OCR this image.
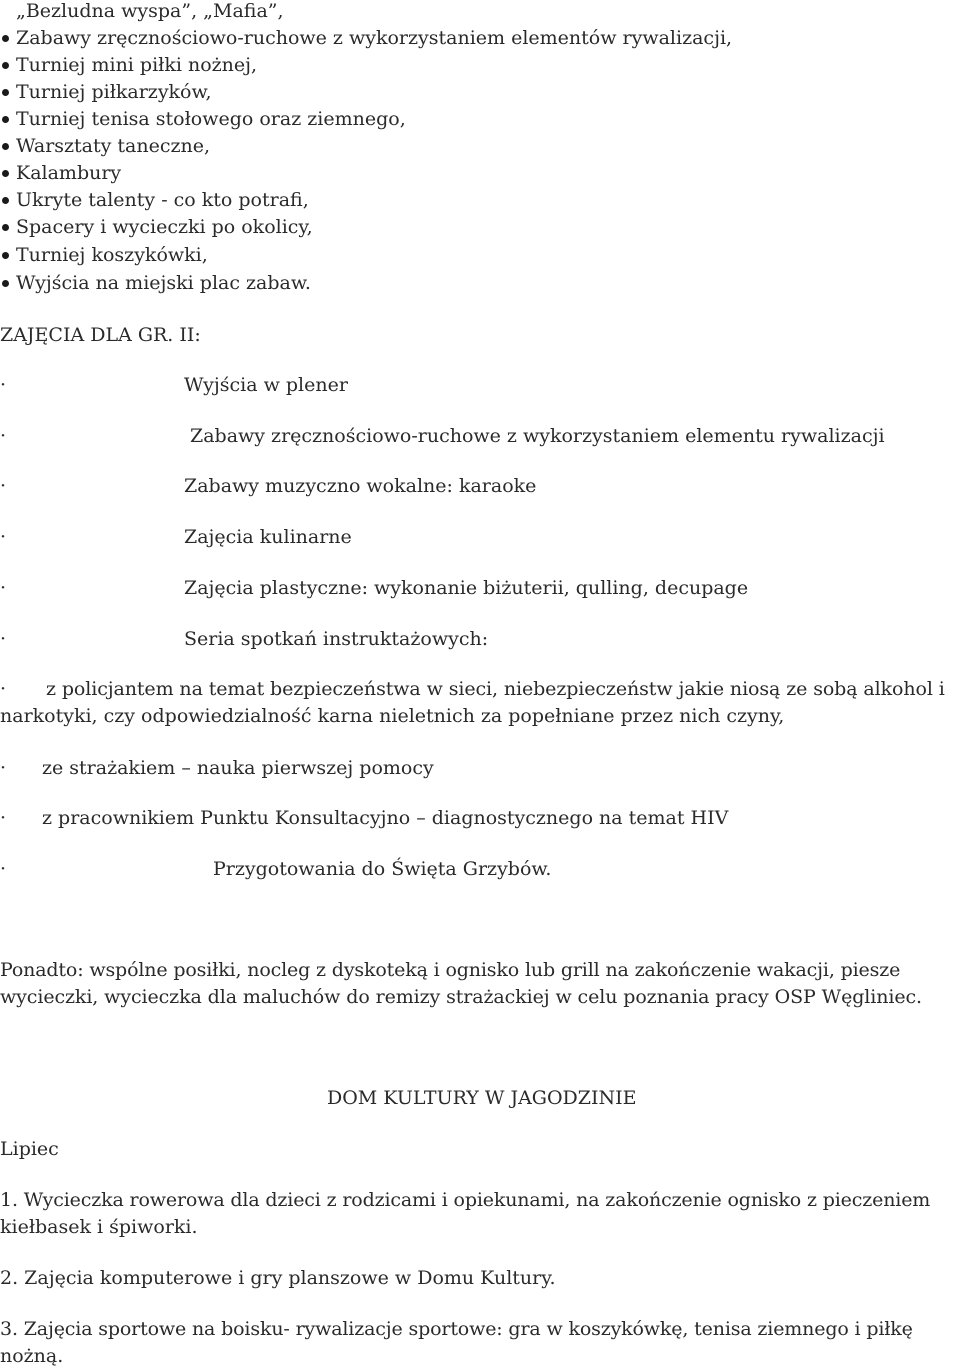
„Bezludna wyspa”, „Mafia”,
Zabawy zręcznościowo-ruchowe z wykorzystaniem elementów rywalizacji,
Turniej mini piłki nożnej,
Turniej piłkarzyków,
Turniej tenisa stołowego oraz ziemnego,
Warsztaty taneczne,
Kalambury
Ukryte talenty - co kto potrafi,
Spacery i wycieczki po okolicy,
Turniej koszykówki,
Wyjścia na miejski plac zabaw.
ZAJĘCIA DLA GR. II:
·	Wyjścia w plener
·	Zabawy zręcznościowo-ruchowe z wykorzystaniem elementu rywalizacji
·	Zabawy muzyczno wokalne: karaoke
·	Zajęcia kulinarne
·	Zajęcia plastyczne: wykonanie biżuterii, qulling, decupage
·	Seria spotkań instruktażowych:
· z policjantem na temat bezpieczeństwa w sieci, niebezpieczeństw jakie niosą ze sobą alkohol i
narkotyki, czy odpowiedzialność karna nieletnich za popełniane przez nich czyny,
· ze strażakiem – nauka pierwszej pomocy
· z pracownikiem Punktu Konsultacyjno – diagnostycznego na temat HIV
·	Przygotowania do Święta Grzybów.
Ponadto: wspólne posiłki, nocleg z dyskoteką i ognisko lub grill na zakończenie wakacji, piesze
wycieczki, wycieczka dla maluchów do remizy strażackiej w celu poznania pracy OSP Węgliniec.
DOM KULTURY W JAGODZINIE
Lipiec
1. Wycieczka rowerowa dla dzieci z rodzicami i opiekunami, na zakończenie ognisko z pieczeniem
kiełbasek i śpiworki.
2. Zajęcia komputerowe i gry planszowe w Domu Kultury.
3. Zajęcia sportowe na boisku- rywalizacje sportowe: gra w koszykówkę, tenisa ziemnego i piłkę
nożną.
